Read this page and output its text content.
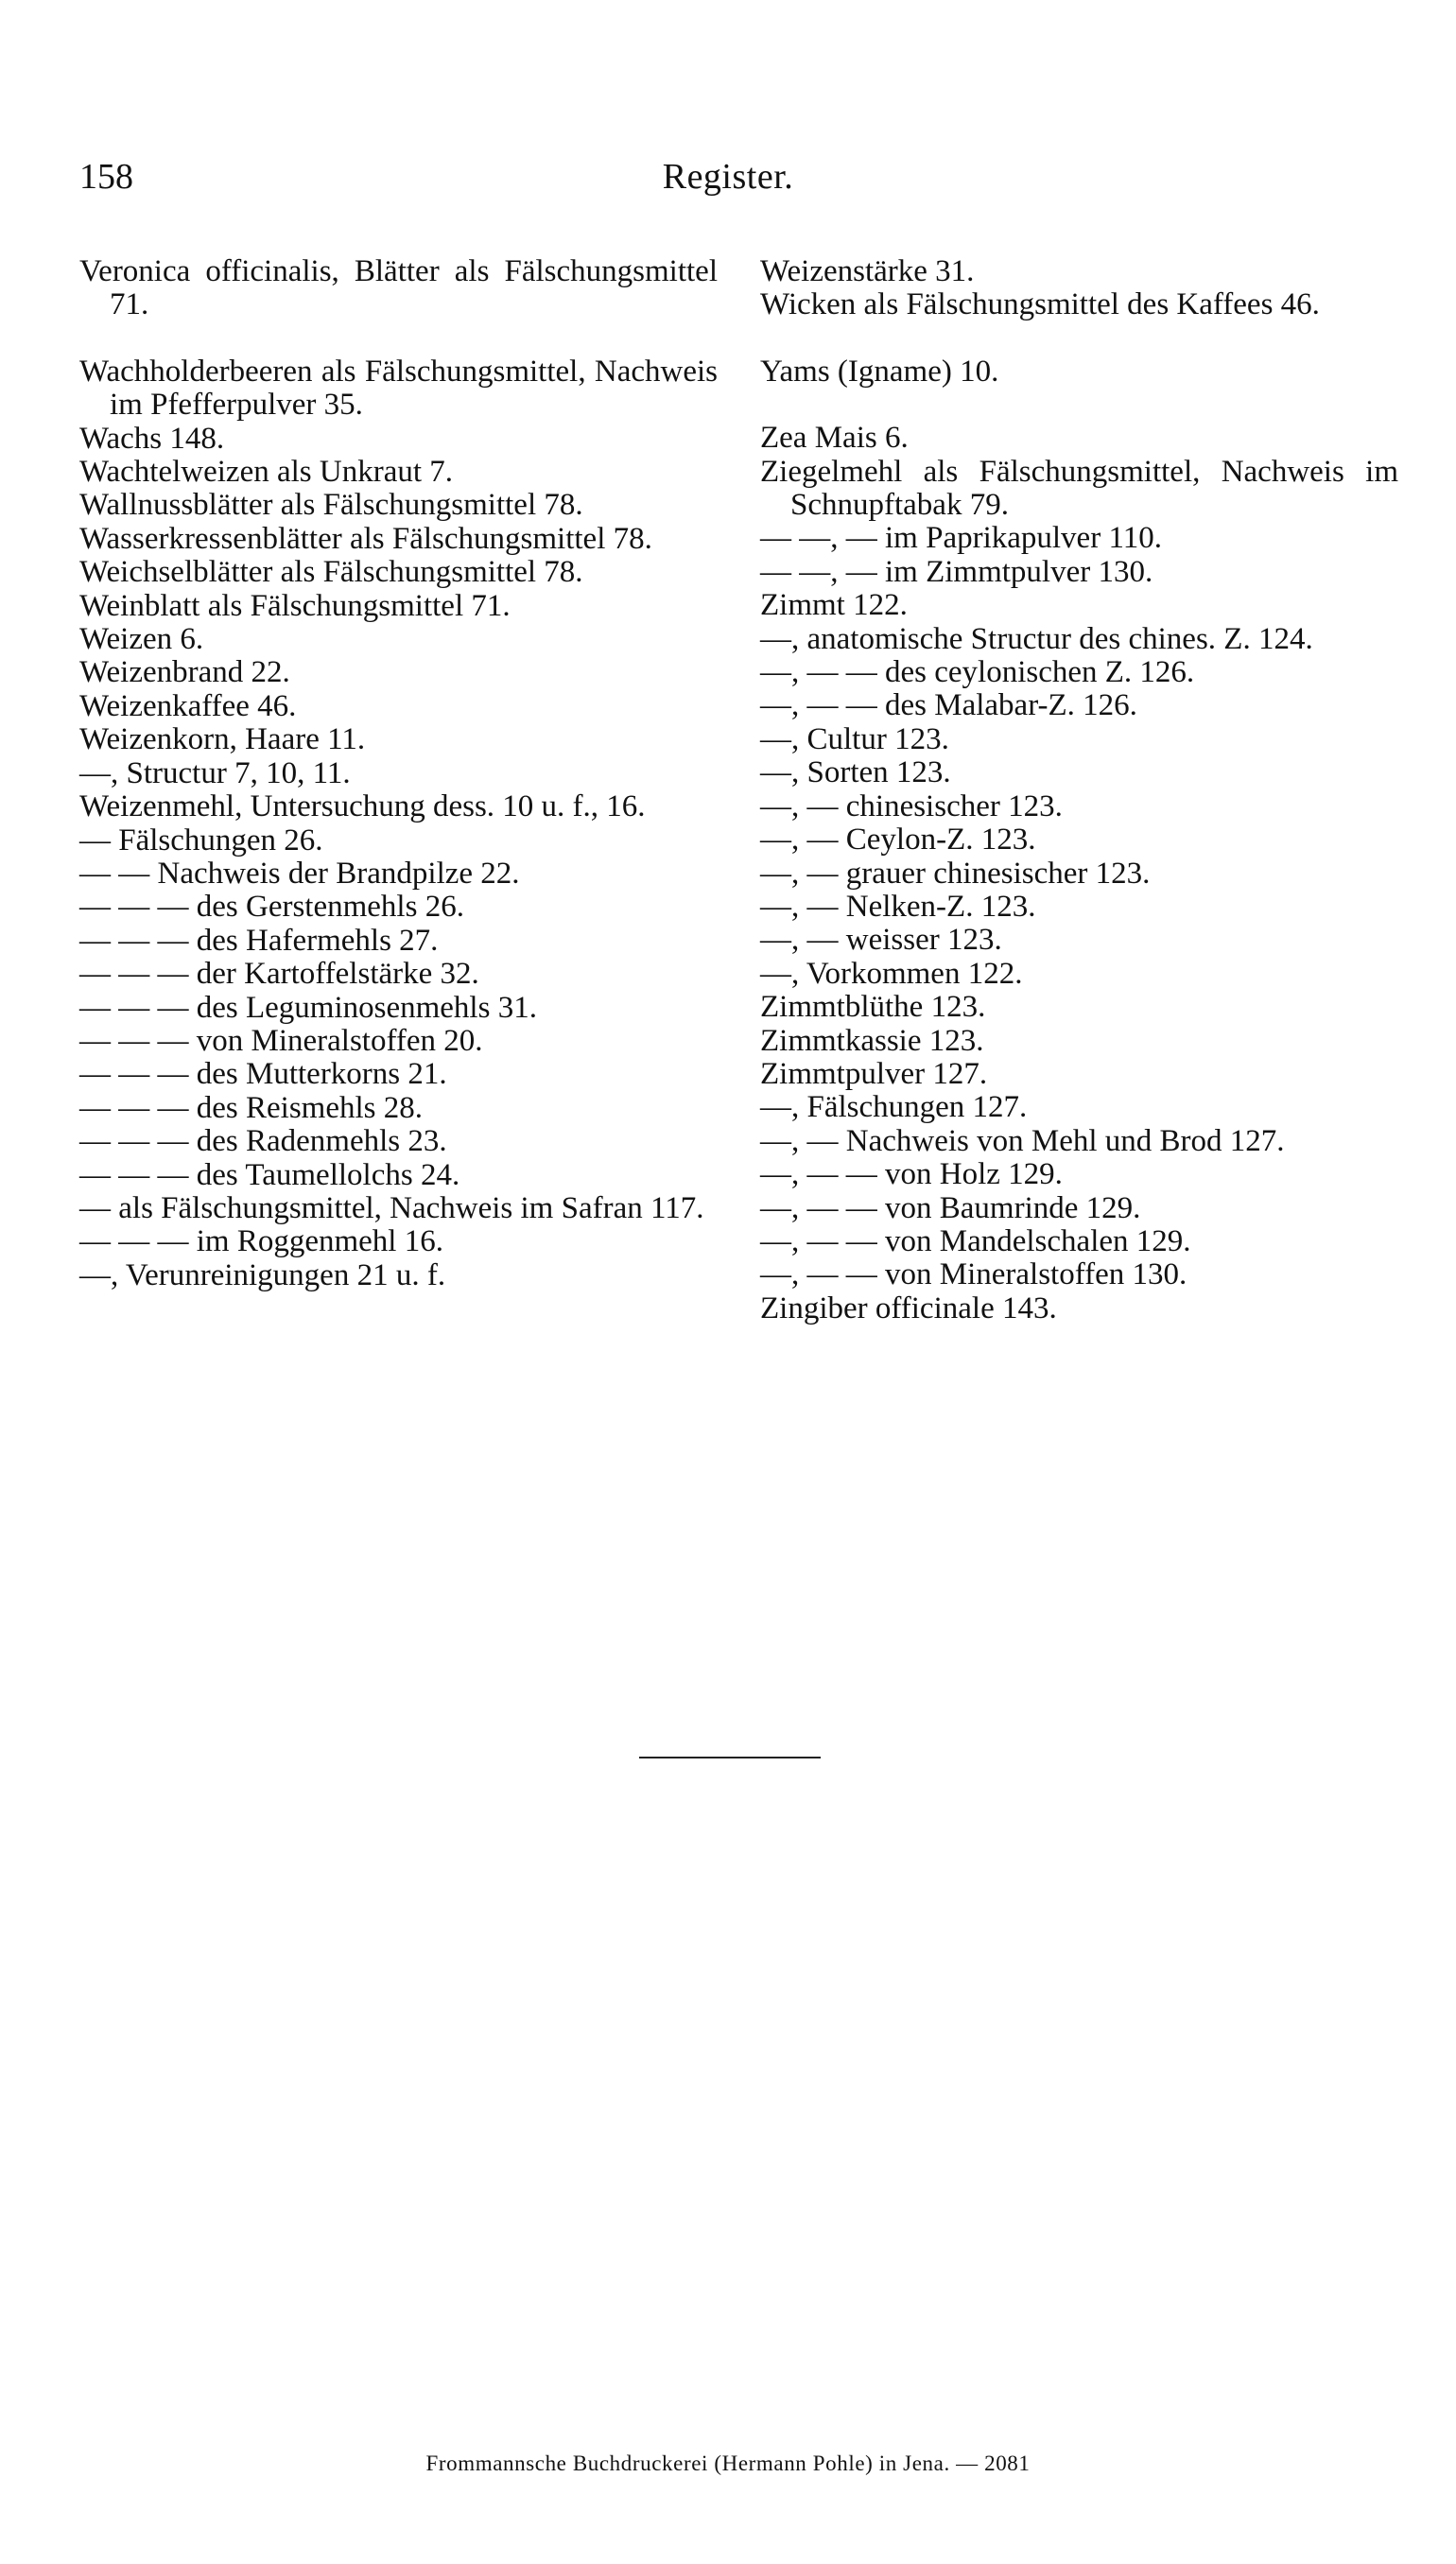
158	Register.
Veronica officinalis, Blätter als Fälschungsmittel 71.
Wachholderbeeren als Fälschungsmittel, Nachweis im Pfefferpulver 35.
Wachs 148.
Wachtelweizen als Unkraut 7.
Wallnussblätter als Fälschungsmittel 78.
Wasserkressenblätter als Fälschungsmittel 78.
Weichselblätter als Fälschungsmittel 78.
Weinblatt als Fälschungsmittel 71.
Weizen 6.
Weizenbrand 22.
Weizenkaffee 46.
Weizenkorn, Haare 11.
—, Structur 7, 10, 11.
Weizenmehl, Untersuchung dess. 10 u. f., 16.
— Fälschungen 26.
— — Nachweis der Brandpilze 22.
— — — des Gerstenmehls 26.
— — — des Hafermehls 27.
— — — der Kartoffelstärke 32.
— — — des Leguminosenmehls 31.
— — — von Mineralstoffen 20.
— — — des Mutterkorns 21.
— — — des Reismehls 28.
— — — des Radenmehls 23.
— — — des Taumellolchs 24.
— als Fälschungsmittel, Nachweis im Safran 117.
— — — im Roggenmehl 16.
—, Verunreinigungen 21 u. f.
Weizenstärke 31.
Wicken als Fälschungsmittel des Kaffees 46.
Yams (Igname) 10.
Zea Mais 6.
Ziegelmehl als Fälschungsmittel, Nachweis im Schnupftabak 79.
— —, — im Paprikapulver 110.
— —, — im Zimmtpulver 130.
Zimmt 122.
—, anatomische Structur des chines. Z. 124.
—, — — des ceylonischen Z. 126.
—, — — des Malabar-Z. 126.
—, Cultur 123.
—, Sorten 123.
—, — chinesischer 123.
—, — Ceylon-Z. 123.
—, — grauer chinesischer 123.
—, — Nelken-Z. 123.
—, — weisser 123.
—, Vorkommen 122.
Zimmtblüthe 123.
Zimmtkassie 123.
Zimmtpulver 127.
—, Fälschungen 127.
—, — Nachweis von Mehl und Brod 127.
—, — — von Holz 129.
—, — — von Baumrinde 129.
—, — — von Mandelschalen 129.
—, — — von Mineralstoffen 130.
Zingiber officinale 143.
Frommannsche Buchdruckerei (Hermann Pohle) in Jena. — 2081
